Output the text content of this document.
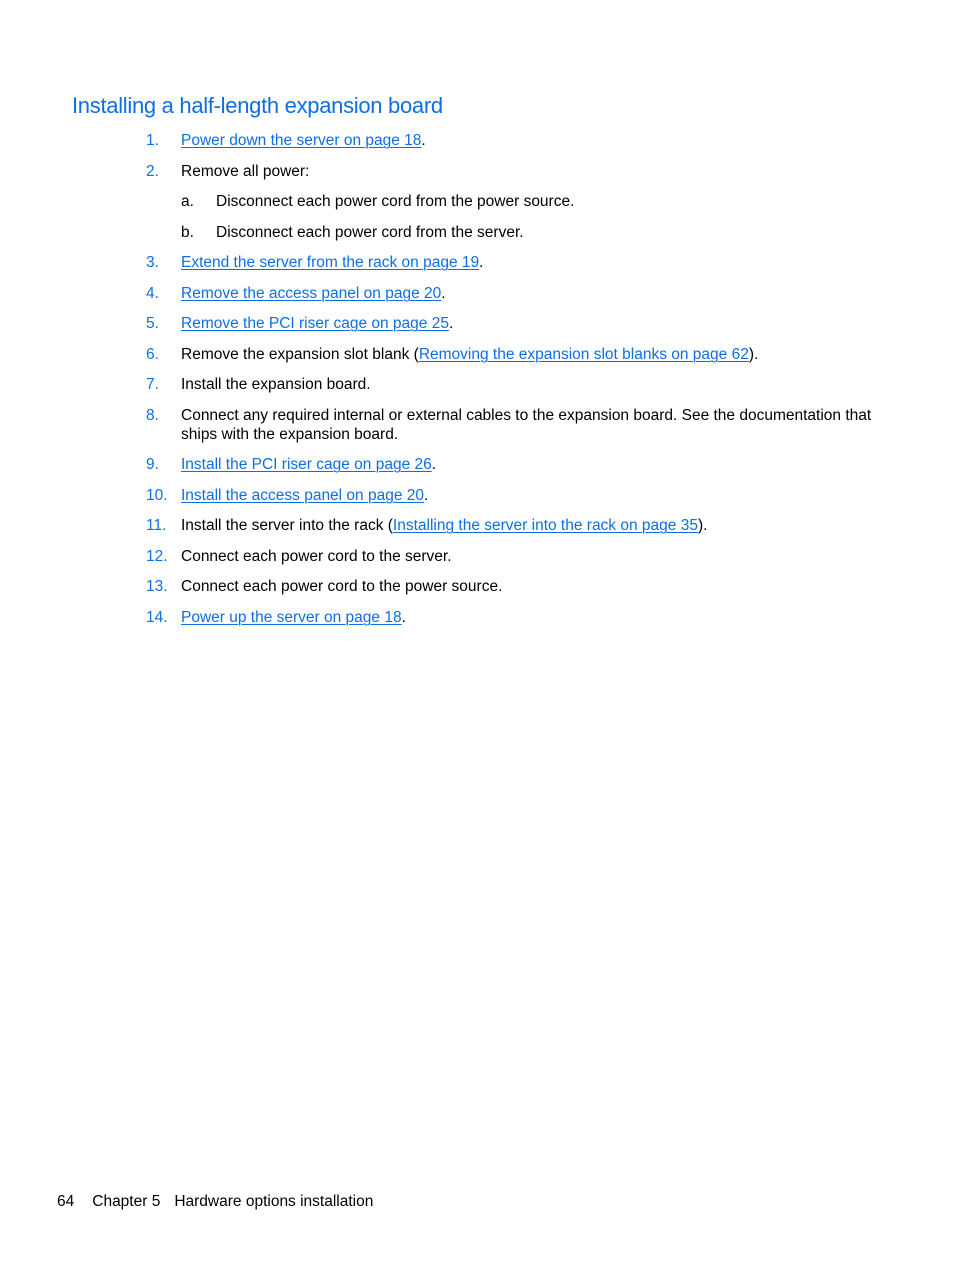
Installing a half-length expansion board
1. Power down the server on page 18.
2. Remove all power:
a. Disconnect each power cord from the power source.
b. Disconnect each power cord from the server.
3. Extend the server from the rack on page 19.
4. Remove the access panel on page 20.
5. Remove the PCI riser cage on page 25.
6. Remove the expansion slot blank (Removing the expansion slot blanks on page 62).
7. Install the expansion board.
8. Connect any required internal or external cables to the expansion board. See the documentation that ships with the expansion board.
9. Install the PCI riser cage on page 26.
10. Install the access panel on page 20.
11. Install the server into the rack (Installing the server into the rack on page 35).
12. Connect each power cord to the server.
13. Connect each power cord to the power source.
14. Power up the server on page 18.
64 Chapter 5 Hardware options installation
